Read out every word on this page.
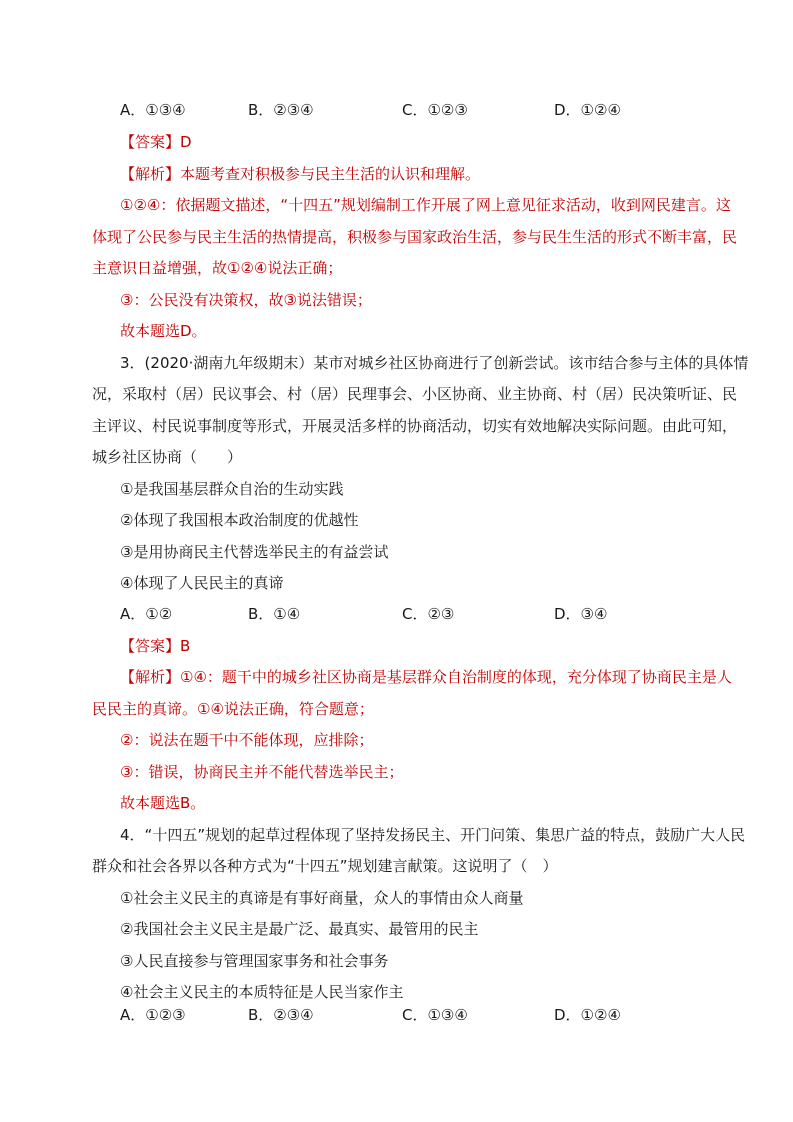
A．①③④	B．②③④	C．①②③	D．①②④
【答案】D
【解析】本题考查对积极参与民主生活的认识和理解。
①②④：依据题文描述，“十四五”规划编制工作开展了网上意见征求活动，收到网民建言。这
体现了公民参与民主生活的热情提高，积极参与国家政治生活，参与民生生活的形式不断丰富，民
主意识日益增强，故①②④说法正确；
③：公民没有决策权，故③说法错误；
故本题选D。
3．(2020·湖南九年级期末）某市对城乡社区协商进行了创新尝试。该市结合参与主体的具体情
况，采取村（居）民议事会、村（居）民理事会、小区协商、业主协商、村（居）民决策听证、民
主评议、村民说事制度等形式，开展灵活多样的协商活动，切实有效地解决实际问题。由此可知，
城乡社区协商（　　）
①是我国基层群众自治的生动实践
②体现了我国根本政治制度的优越性
③是用协商民主代替选举民主的有益尝试
④体现了人民民主的真谛
A．①②	B．①④	C．②③	D．③④
【答案】B
【解析】①④：题干中的城乡社区协商是基层群众自治制度的体现，充分体现了协商民主是人
民民主的真谛。①④说法正确，符合题意；
②：说法在题干中不能体现，应排除；
③：错误，协商民主并不能代替选举民主；
故本题选B。
4．“十四五”规划的起草过程体现了坚持发扬民主、开门问策、集思广益的特点，鼓励广大人民
群众和社会各界以各种方式为“十四五”规划建言献策。这说明了（　）
①社会主义民主的真谛是有事好商量，众人的事情由众人商量
②我国社会主义民主是最广泛、最真实、最管用的民主
③人民直接参与管理国家事务和社会事务
④社会主义民主的本质特征是人民当家作主
A．①②③	B．②③④	C．①③④	D．①②④
